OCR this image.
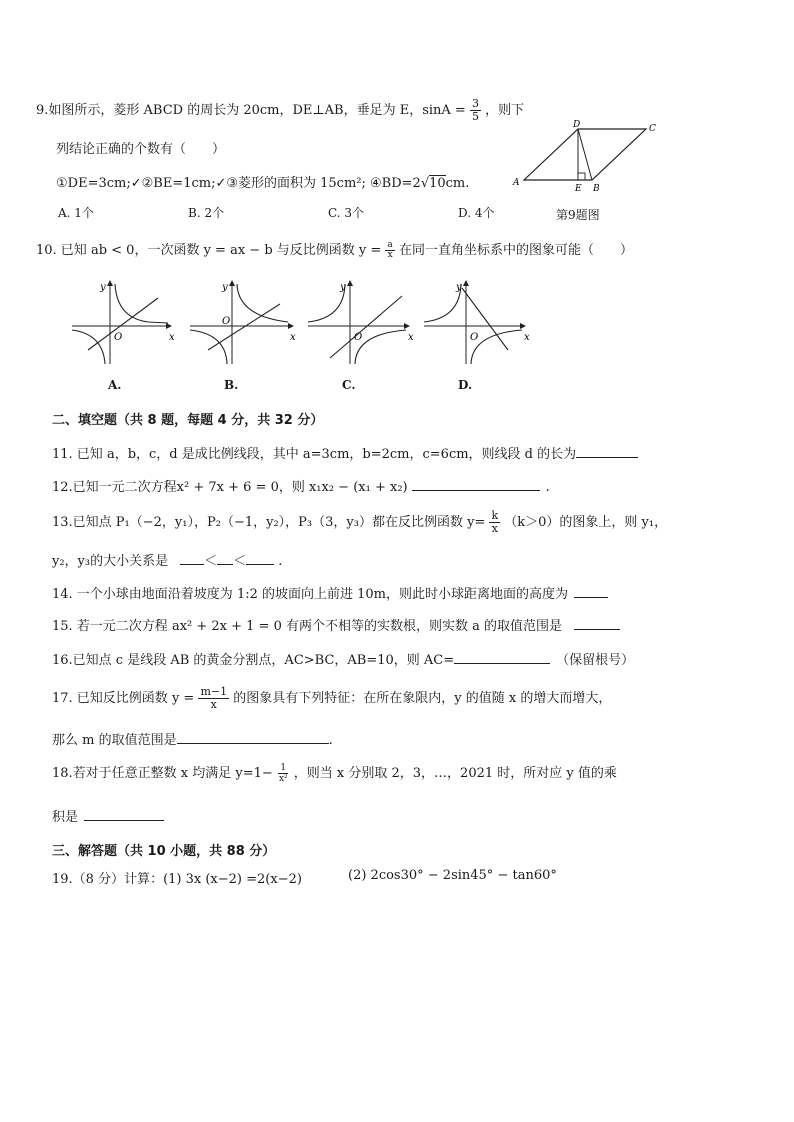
9.如图所示，菱形 ABCD 的周长为 20cm，DE⊥AB，垂足为 E，$\sin A = \frac{3}{5}$ ，则下
列结论正确的个数有（　　）
①DE=3cm;✓②BE=1cm;✓③菱形的面积为 15cm²; ④BD=2√10cm.
A. 1个	B. 2个	C. 3个	D. 4个	第9题图
A
B
C
D
E
10. 已知 ab < 0，一次函数 y = ax − b 与反比例函数 $y = \frac{a}{x}$ 在同一直角坐标系中的图象可能（　　）
O	x
y
O
x
y
O	x
y
O	x
y
A.	B.	C.	D.
二、填空题（共 8 题，每题 4 分，共 32 分）
11. 已知 a，b，c，d 是成比例线段，其中 a=3cm，b=2cm，c=6cm，则线段 d 的长为
12.已知一元二次方程x² + 7x + 6 = 0，则 x₁x₂ − (x₁ + x₂)	.
13.已知点 P₁（−2，y₁），P₂（−1，y₂），P₃（3，y₃）都在反比例函数 $y= \frac{k}{x} (k>0)$的图象上，则 y₁，
y₂，y₃的大小关系是	＜ ＜ .
14. 一个小球由地面沿着坡度为 1:2 的坡面向上前进 10m，则此时小球距离地面的高度为
15. 若一元二次方程 ax² + 2x + 1 = 0 有两个不相等的实数根，则实数 a 的取值范围是
16.已知点 c 是线段 AB 的黄金分割点，AC>BC，AB=10，则 AC=	（保留根号）
17. 已知反比例函数 $y = \frac{m-1}{x}$ 的图象具有下列特征：在所在象限内，y 的值随 x 的增大而增大，
那么 m 的取值范围是	.
18.若对于任意正整数 x 均满足 $y=1- \frac{1}{\text{x²}}$ ，则当 x 分别取 2，3，…，2021 时，所对应 y 值的乘
积是
三、解答题（共 10 小题，共 88 分）
19.（8 分）计算：(1) 3x (x−2) =2(x−2)	(2) 2cos30° − 2sin45° − tan60°
